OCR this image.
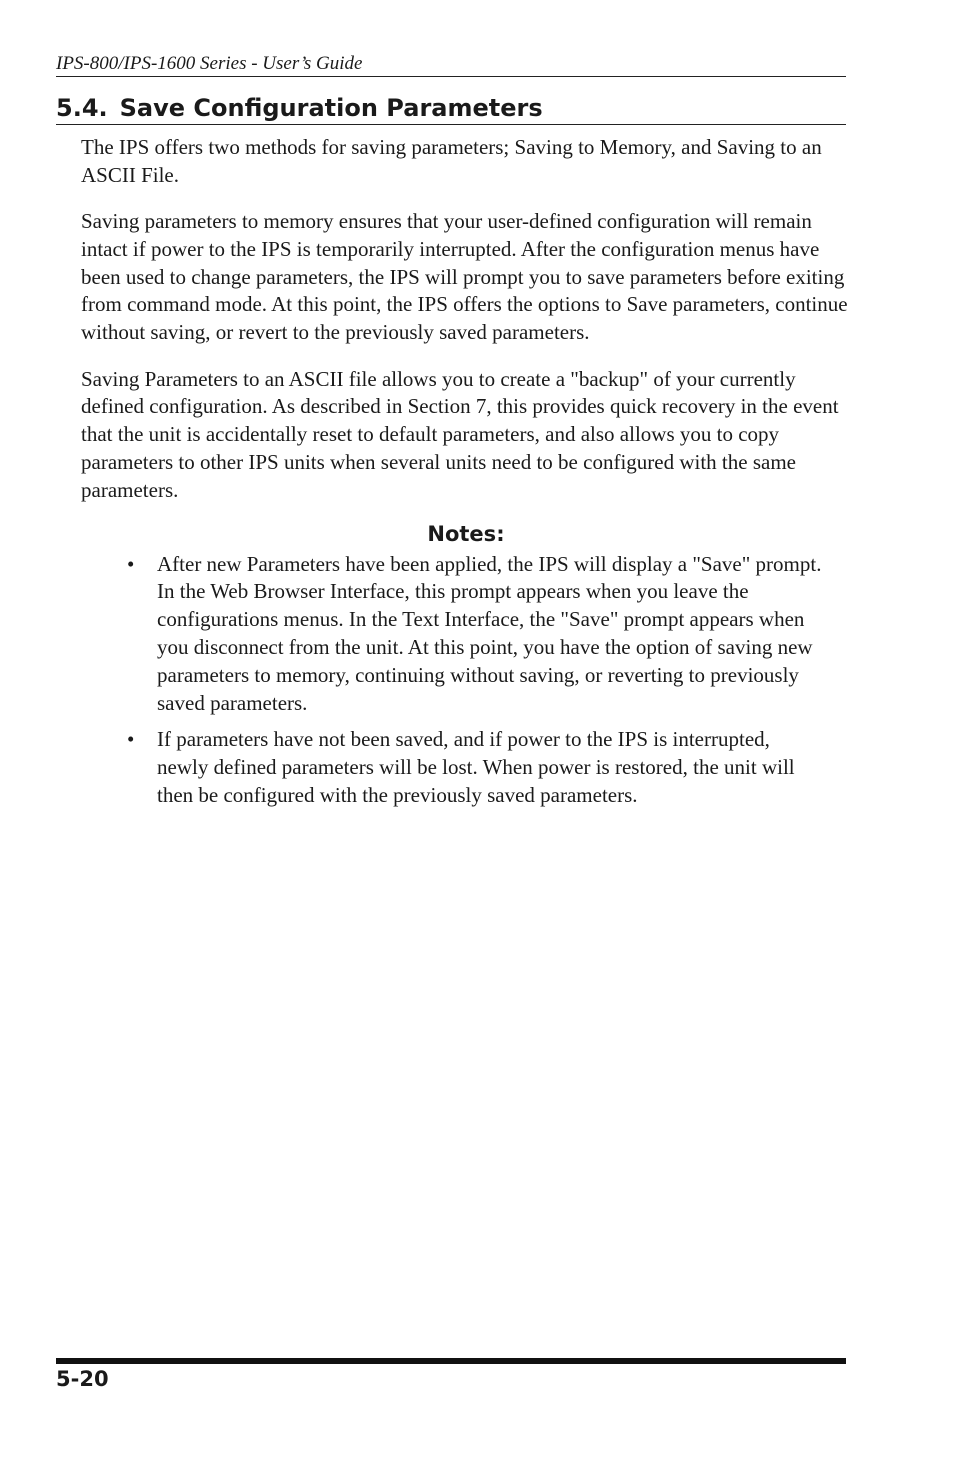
IPS-800/IPS-1600 Series - User’s Guide
5.4. Save Configuration Parameters

The IPS offers two methods for saving parameters; Saving to Memory, and Saving to an ASCII File.

Saving parameters to memory ensures that your user-defined configuration will remain intact if power to the IPS is temporarily interrupted. After the configuration menus have been used to change parameters, the IPS will prompt you to save parameters before exiting from command mode. At this point, the IPS offers the options to Save parameters, continue without saving, or revert to the previously saved parameters.

Saving Parameters to an ASCII file allows you to create a "backup" of your currently defined configuration. As described in Section 7, this provides quick recovery in the event that the unit is accidentally reset to default parameters, and also allows you to copy parameters to other IPS units when several units need to be configured with the same parameters.

Notes:
• After new Parameters have been applied, the IPS will display a "Save" prompt. In the Web Browser Interface, this prompt appears when you leave the configurations menus. In the Text Interface, the "Save" prompt appears when you disconnect from the unit. At this point, you have the option of saving new parameters to memory, continuing without saving, or reverting to previously saved parameters.
• If parameters have not been saved, and if power to the IPS is interrupted, newly defined parameters will be lost. When power is restored, the unit will then be configured with the previously saved parameters.
5-20
